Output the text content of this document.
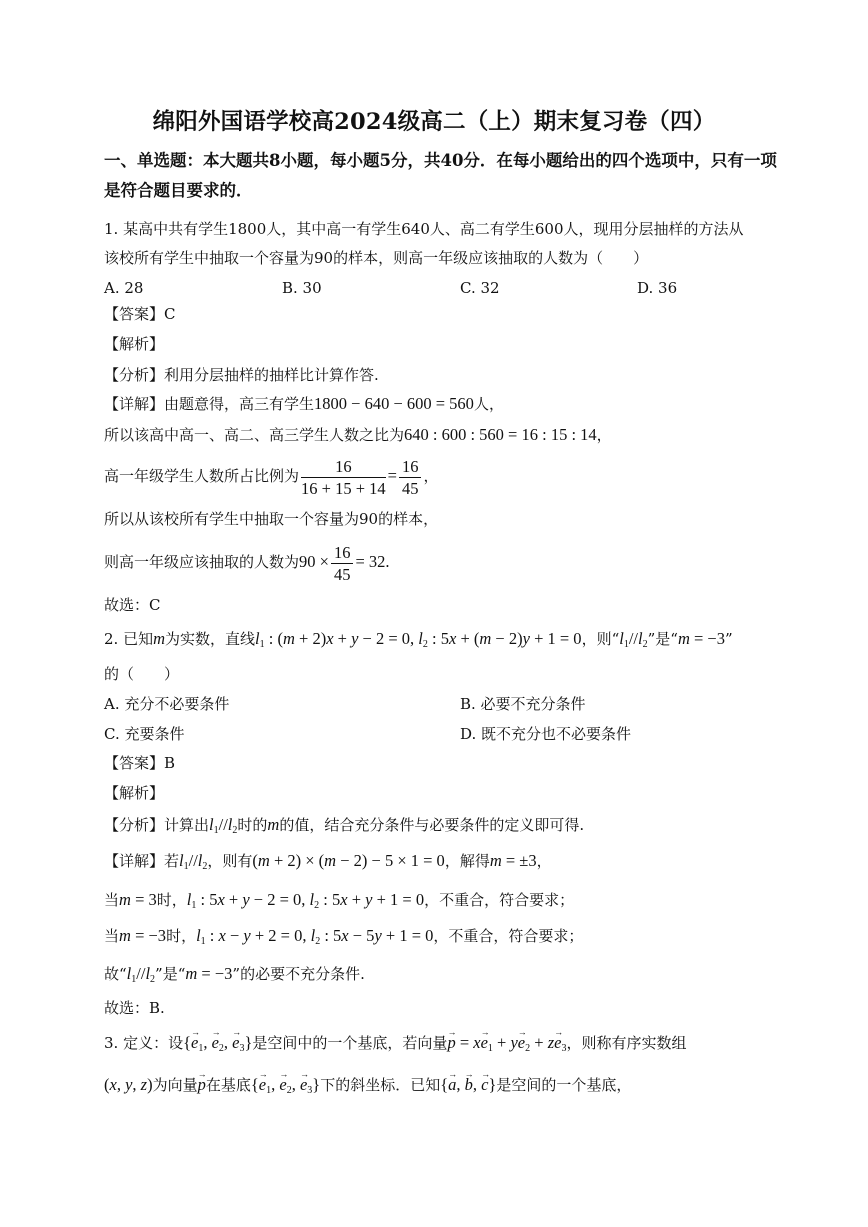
绵阳外国语学校高2024级高二（上）期末复习卷（四）
一、单选题：本大题共8小题，每小题5分，共40分．在每小题给出的四个选项中，只有一项是符合题目要求的．
1. 某高中共有学生1800人，其中高一有学生640人、高二有学生600人，现用分层抽样的方法从
该校所有学生中抽取一个容量为90的样本，则高一年级应该抽取的人数为（　　）
A. 28	B. 30	C. 32	D. 36
【答案】C
【解析】
【分析】利用分层抽样的抽样比计算作答.
【详解】由题意得，高三有学生1800 − 640 − 600 = 560人，
所以该高中高一、高二、高三学生人数之比为640 : 600 : 560 = 16 : 15 : 14，
高一年级学生人数所占比例为 $\frac{16}{16 + 15 + 14} = \frac{16}{45}$ ，
所以从该校所有学生中抽取一个容量为90的样本，
则高一年级应该抽取的人数为$90 \times \frac{16}{45} = 32$.
故选：C
2. 已知m为实数，直线$l_1$ : (m + 2)x + y − 2 = 0, $l_2$ : 5x + (m − 2)y + 1 = 0，则“$l_1//l_2$”是“m = −3”
的（　　）
A. 充分不必要条件	B. 必要不充分条件
C. 充要条件	D. 既不充分也不必要条件
【答案】B
【解析】
【分析】计算出$l_1//l_2$时的m的值，结合充分条件与必要条件的定义即可得.
【详解】若$l_1//l_2$，则有(m + 2) × (m − 2) − 5 × 1 = 0，解得m = ±3，
当m = 3时，$l_1$ : 5x + y − 2 = 0, $l_2$ : 5x + y + 1 = 0，不重合，符合要求；
当m = −3时，$l_1$ : x − y + 2 = 0, $l_2$ : 5x − 5y + 1 = 0，不重合，符合要求；
故“$l_1//l_2$”是“m = −3”的必要不充分条件.
故选：B.
3. 定义：设{→ $e_1$, → $e_2$, → $e_3$}是空间中的一个基底，若向量→ $p = x\to e_1 + y\to e_2 + z\to e_3$，则称有序实数组
(x, y, z)为向量→ p在基底{→ $e_1$, → $e_2$, → $e_3$}下的斜坐标．已知{→ a, → b, → c}是空间的一个基底，
